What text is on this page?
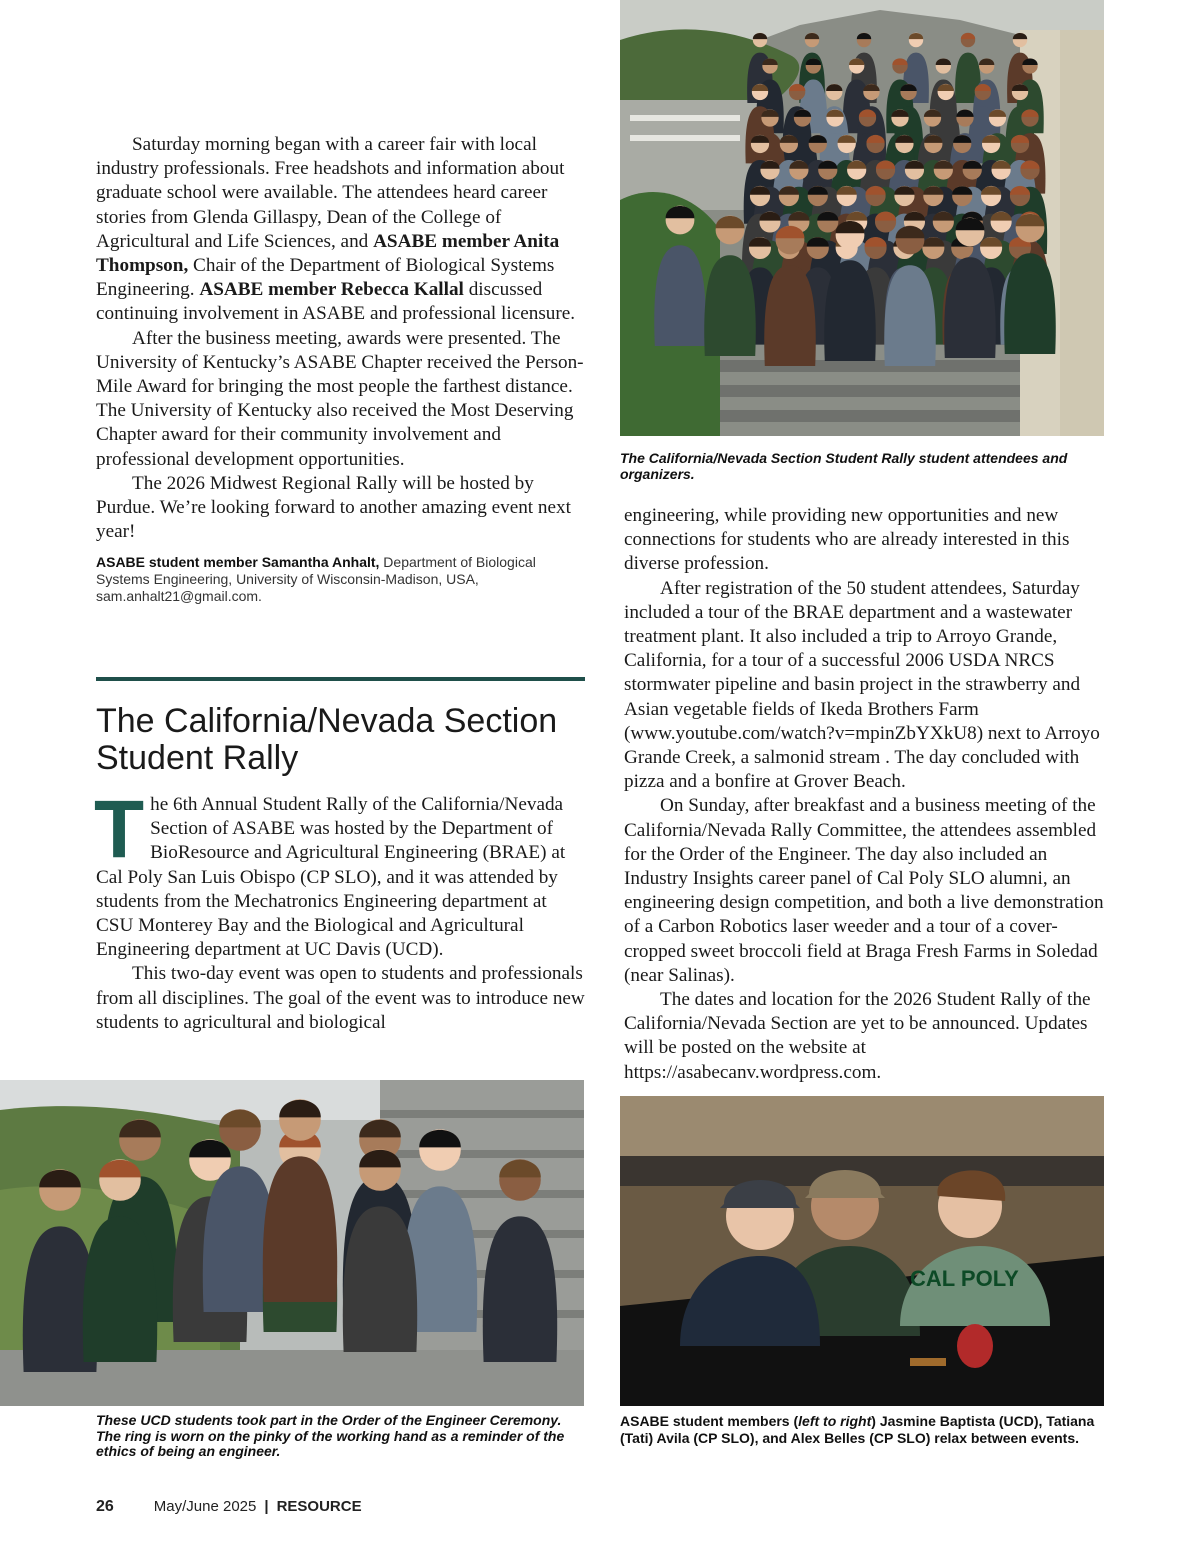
Saturday morning began with a career fair with local industry professionals. Free headshots and information about graduate school were available. The attendees heard career stories from Glenda Gillaspy, Dean of the College of Agricultural and Life Sciences, and ASABE member Anita Thompson, Chair of the Department of Biological Systems Engineering. ASABE member Rebecca Kallal discussed continuing involvement in ASABE and professional licensure.

After the business meeting, awards were presented. The University of Kentucky’s ASABE Chapter received the Person-Mile Award for bringing the most people the farthest distance. The University of Kentucky also received the Most Deserving Chapter award for their community involvement and professional development opportunities.

The 2026 Midwest Regional Rally will be hosted by Purdue. We’re looking forward to another amazing event next year!

ASABE student member Samantha Anhalt, Department of Biological Systems Engineering, University of Wisconsin-Madison, USA, sam.anhalt21@gmail.com.

The California/Nevada Section Student Rally
T he 6th Annual Student Rally of the California/Nevada Section of ASABE was hosted by the Department of BioResource and Agricultural Engineering (BRAE) at Cal Poly San Luis Obispo (CP SLO), and it was attended by students from the Mechatronics Engineering department at CSU Monterey Bay and the Biological and Agricultural Engineering department at UC Davis (UCD).

This two-day event was open to students and professionals from all disciplines. The goal of the event was to introduce new students to agricultural and biological

The California/Nevada Section Student Rally student attendees and organizers.

engineering, while providing new opportunities and new connections for students who are already interested in this diverse profession.

After registration of the 50 student attendees, Saturday included a tour of the BRAE department and a wastewater treatment plant. It also included a trip to Arroyo Grande, California, for a tour of a successful 2006 USDA NRCS stormwater pipeline and basin project in the strawberry and Asian vegetable fields of Ikeda Brothers Farm (www.youtube.com/watch?v=mpinZbYXkU8) next to Arroyo Grande Creek, a salmonid stream . The day concluded with pizza and a bonfire at Grover Beach.

On Sunday, after breakfast and a business meeting of the California/Nevada Rally Committee, the attendees assembled for the Order of the Engineer. The day also included an Industry Insights career panel of Cal Poly SLO alumni, an engineering design competition, and both a live demonstration of a Carbon Robotics laser weeder and a tour of a cover-cropped sweet broccoli field at Braga Fresh Farms in Soledad (near Salinas).

The dates and location for the 2026 Student Rally of the California/Nevada Section are yet to be announced. Updates will be posted on the website at https://asabecanv.wordpress.com.

These UCD students took part in the Order of the Engineer Ceremony. The ring is worn on the pinky of the working hand as a reminder of the ethics of being an engineer.
CAL POLY
ASABE student members (left to right) Jasmine Baptista (UCD), Tatiana (Tati) Avila (CP SLO), and Alex Belles (CP SLO) relax between events.
26	May/June 2025 | RESOURCE
